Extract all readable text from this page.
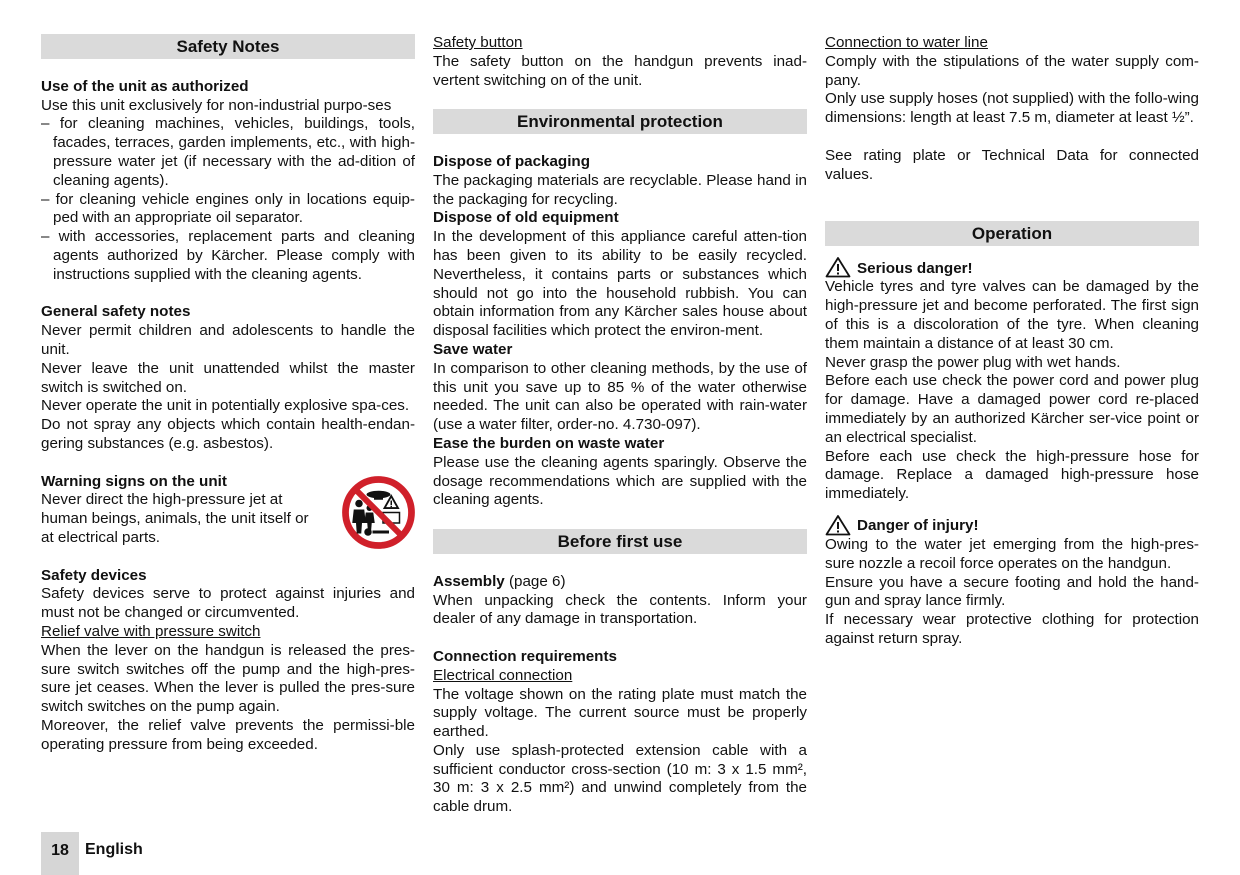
Safety Notes
Use of the unit as authorized

Use this unit exclusively for non-industrial purpo-ses

– for cleaning machines, vehicles, buildings, tools, facades, terraces, garden implements, etc., with high-pressure water jet (if necessary with the ad-dition of cleaning agents).
– for cleaning vehicle engines only in locations equip-ped with an appropriate oil separator.
– with accessories, replacement parts and cleaning agents authorized by Kärcher. Please comply with instructions supplied with the cleaning agents.
General safety notes

Never permit children and adolescents to handle the unit.

Never leave the unit unattended whilst the master switch is switched on.

Never operate the unit in potentially explosive spa-ces.

Do not spray any objects which contain health-endan-gering substances (e.g. asbestos).

Warning signs on the unit

Never direct the high-pressure jet at human beings, animals, the unit itself or at electrical parts.

Safety devices

Safety devices serve to protect against injuries and must not be changed or circumvented.

Relief valve with pressure switch

When the lever on the handgun is released the pres-sure switch switches off the pump and the high-pres-sure jet ceases. When the lever is pulled the pres-sure switch switches on the pump again.

Moreover, the relief valve prevents the permissi-ble operating pressure from being exceeded.

Safety button

The safety button on the handgun prevents inad-vertent switching on of the unit.

Environmental protection
Dispose of packaging

The packaging materials are recyclable. Please hand in the packaging for recycling.

Dispose of old equipment

In the development of this appliance careful atten-tion has been given to its ability to be easily recycled. Nevertheless, it contains parts or substances which should not go into the household rubbish. You can obtain information from any Kärcher sales house about disposal facilities which protect the environ-ment.

Save water

In comparison to other cleaning methods, by the use of this unit you save up to 85 % of the water otherwise needed. The unit can also be operated with rain-water (use a water filter, order-no. 4.730-097).

Ease the burden on waste water

Please use the cleaning agents sparingly. Observe the dosage recommendations which are supplied with the cleaning agents.

Before first use
Assembly (page 6)

When unpacking check the contents. Inform your dealer of any damage in transportation.

Connection requirements
Electrical connection

The voltage shown on the rating plate must match the supply voltage. The current source must be properly earthed.

Only use splash-protected extension cable with a sufficient conductor cross-section (10 m: 3 x 1.5 mm², 30 m: 3 x 2.5 mm²) and unwind completely from the cable drum.

Connection to water line

Comply with the stipulations of the water supply com-pany.

Only use supply hoses (not supplied) with the follo-wing dimensions: length at least 7.5 m, diameter at least ½”.

See rating plate or Technical Data for connected values.

Operation
Serious danger!

Vehicle tyres and tyre valves can be damaged by the high-pressure jet and become perforated. The first sign of this is a discoloration of the tyre. When cleaning them maintain a distance of at least 30 cm.

Never grasp the power plug with wet hands.

Before each use check the power cord and power plug for damage. Have a damaged power cord re-placed immediately by an authorized Kärcher ser-vice point or an electrical specialist.

Before each use check the high-pressure hose for damage. Replace a damaged high-pressure hose immediately.

Danger of injury!

Owing to the water jet emerging from the high-pres-sure nozzle a recoil force operates on the handgun.

Ensure you have a secure footing and hold the hand-gun and spray lance firmly.

If necessary wear protective clothing for protection against return spray.

18	English
